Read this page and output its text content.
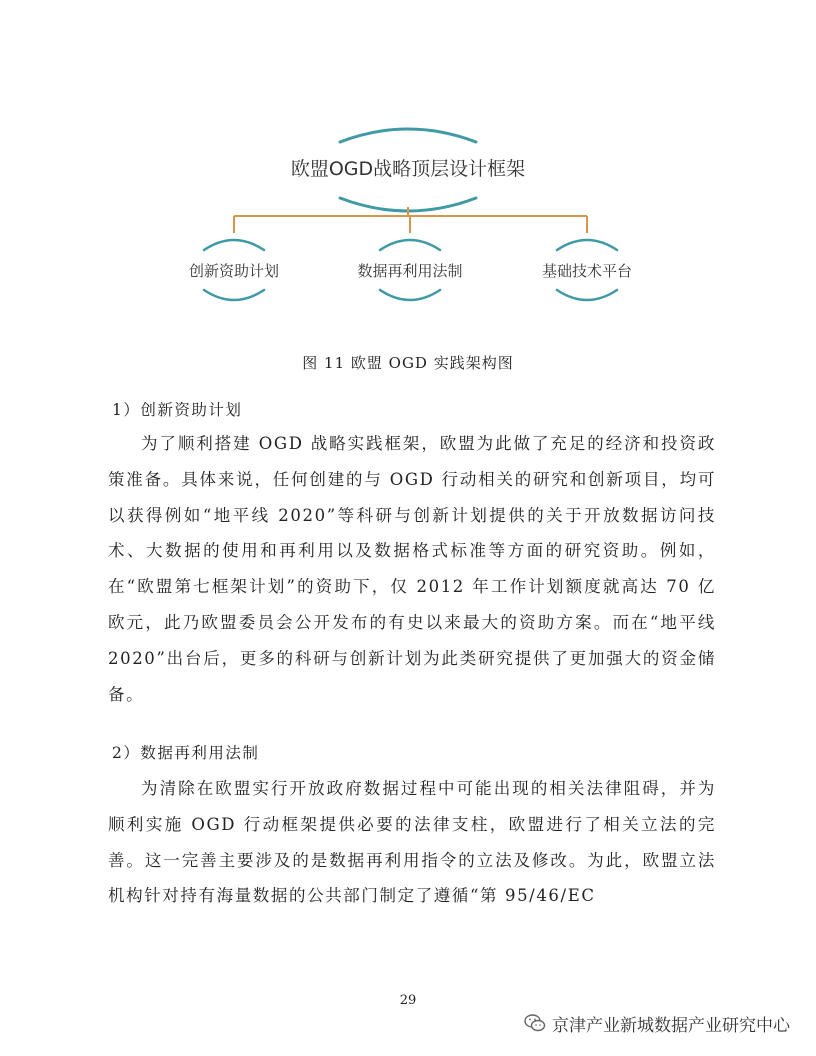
欧盟OGD战略顶层设计框架
创新资助计划	数据再利用法制	基础技术平台
图 11 欧盟 OGD 实践架构图
1）创新资助计划

为了顺利搭建 OGD 战略实践框架，欧盟为此做了充足的经济和投资政策准备。具体来说，任何创建的与 OGD 行动相关的研究和创新项目，均可以获得例如“地平线 2020”等科研与创新计划提供的关于开放数据访问技术、大数据的使用和再利用以及数据格式标准等方面的研究资助。例如，在“欧盟第七框架计划”的资助下，仅 2012 年工作计划额度就高达 70 亿欧元，此乃欧盟委员会公开发布的有史以来最大的资助方案。而在“地平线 2020”出台后，更多的科研与创新计划为此类研究提供了更加强大的资金储备。

2）数据再利用法制

为清除在欧盟实行开放政府数据过程中可能出现的相关法律阻碍，并为顺利实施 OGD 行动框架提供必要的法律支柱，欧盟进行了相关立法的完善。这一完善主要涉及的是数据再利用指令的立法及修改。为此，欧盟立法机构针对持有海量数据的公共部门制定了遵循“第 95/46/EC

29
京津产业新城数据产业研究中心
